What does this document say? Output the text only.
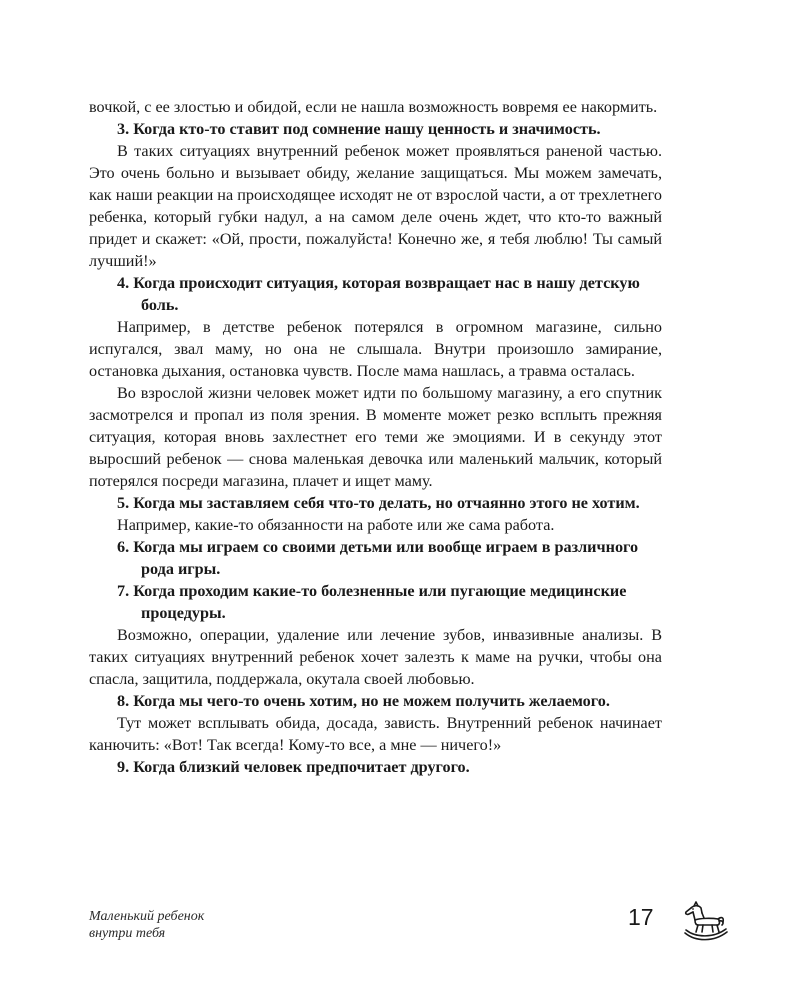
вочкой, с ее злостью и обидой, если не нашла возможность вовремя ее накормить.

3. Когда кто-то ставит под сомнение нашу ценность и значимость.

В таких ситуациях внутренний ребенок может проявляться раненой частью. Это очень больно и вызывает обиду, желание защищаться. Мы можем замечать, как наши реакции на происходящее исходят не от взрослой части, а от трехлетнего ребенка, который губки надул, а на самом деле очень ждет, что кто-то важный придет и скажет: «Ой, прости, пожалуйста! Конечно же, я тебя люблю! Ты самый лучший!»

4. Когда происходит ситуация, которая возвращает нас в нашу детскую боль.

Например, в детстве ребенок потерялся в огромном магазине, сильно испугался, звал маму, но она не слышала. Внутри произошло замирание, остановка дыхания, остановка чувств. После мама нашлась, а травма осталась.

Во взрослой жизни человек может идти по большому магазину, а его спутник засмотрелся и пропал из поля зрения. В моменте может резко всплыть прежняя ситуация, которая вновь захлестнет его теми же эмоциями. И в секунду этот выросший ребенок — снова маленькая девочка или маленький мальчик, который потерялся посреди магазина, плачет и ищет маму.

5. Когда мы заставляем себя что-то делать, но отчаянно этого не хотим.

Например, какие-то обязанности на работе или же сама работа.

6. Когда мы играем со своими детьми или вообще играем в различного рода игры.

7. Когда проходим какие-то болезненные или пугающие медицинские процедуры.

Возможно, операции, удаление или лечение зубов, инвазивные анализы. В таких ситуациях внутренний ребенок хочет залезть к маме на ручки, чтобы она спасла, защитила, поддержала, окутала своей любовью.

8. Когда мы чего-то очень хотим, но не можем получить желаемого.

Тут может всплывать обида, досада, зависть. Внутренний ребенок начинает канючить: «Вот! Так всегда! Кому-то все, а мне — ничего!»

9. Когда близкий человек предпочитает другого.

Маленький ребенок
внутри тебя
17
